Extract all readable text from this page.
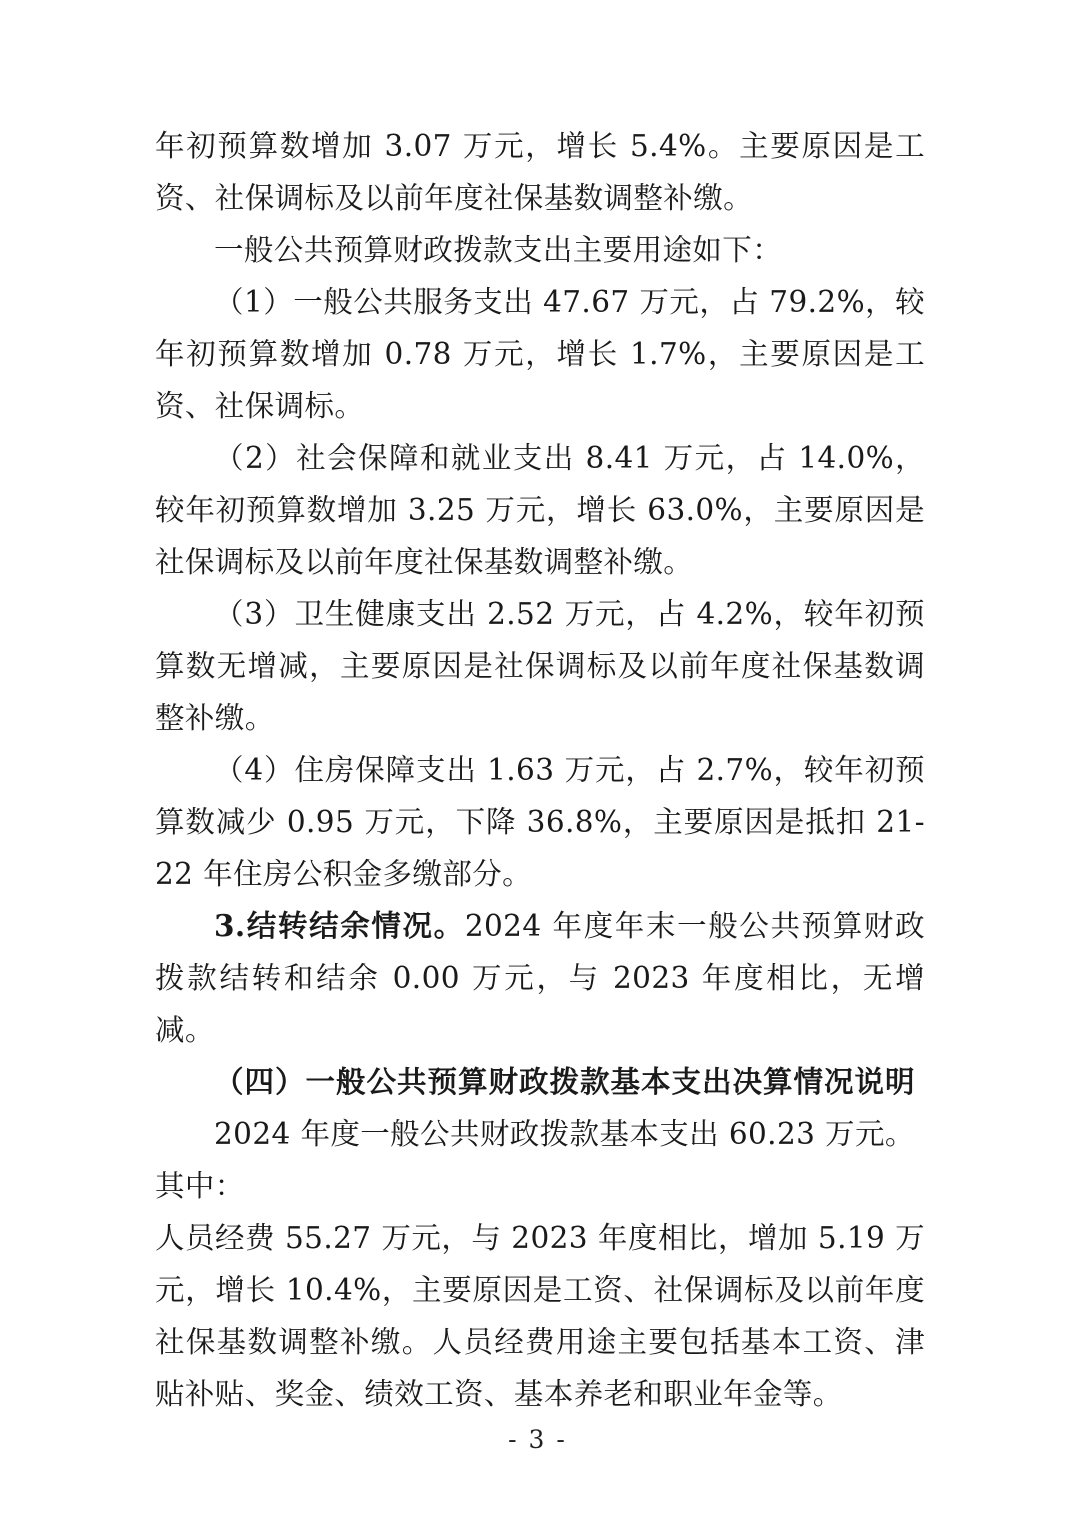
年初预算数增加 3.07 万元，增长 5.4%。主要原因是工资、社保调标及以前年度社保基数调整补缴。

一般公共预算财政拨款支出主要用途如下：

（1）一般公共服务支出 47.67 万元，占 79.2%，较年初预算数增加 0.78 万元，增长 1.7%，主要原因是工资、社保调标。

（2）社会保障和就业支出 8.41 万元，占 14.0%，较年初预算数增加 3.25 万元，增长 63.0%，主要原因是社保调标及以前年度社保基数调整补缴。

（3）卫生健康支出 2.52 万元，占 4.2%，较年初预算数无增减，主要原因是社保调标及以前年度社保基数调整补缴。

（4）住房保障支出 1.63 万元，占 2.7%，较年初预算数减少 0.95 万元，下降 36.8%，主要原因是抵扣 21-22 年住房公积金多缴部分。

3.结转结余情况。2024 年度年末一般公共预算财政拨款结转和结余 0.00 万元，与 2023 年度相比，无增减。

（四）一般公共预算财政拨款基本支出决算情况说明

2024 年度一般公共财政拨款基本支出 60.23 万元。

其中：

人员经费 55.27 万元，与 2023 年度相比，增加 5.19 万元，增长 10.4%，主要原因是工资、社保调标及以前年度社保基数调整补缴。人员经费用途主要包括基本工资、津贴补贴、奖金、绩效工资、基本养老和职业年金等。

- 3 -
